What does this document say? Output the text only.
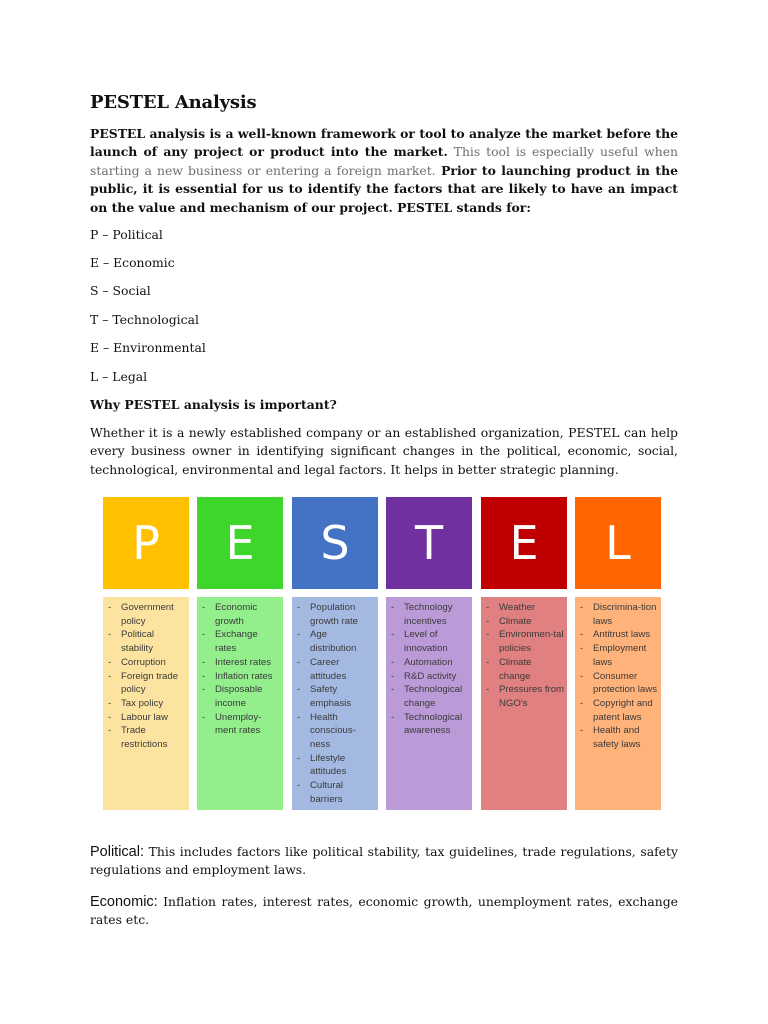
PESTEL Analysis
PESTEL analysis is a well-known framework or tool to analyze the market before the launch of any project or product into the market. This tool is especially useful when starting a new business or entering a foreign market. Prior to launching product in the public, it is essential for us to identify the factors that are likely to have an impact on the value and mechanism of our project. PESTEL stands for:
P – Political
E – Economic
S – Social
T – Technological
E – Environmental
L – Legal
Why PESTEL analysis is important?
Whether it is a newly established company or an established organization, PESTEL can help every business owner in identifying significant changes in the political, economic, social, technological, environmental and legal factors. It helps in better strategic planning.
P
- Government policy
- Political stability
- Corruption
- Foreign trade policy
- Tax policy
- Labour law
- Trade restrictions
E
- Economic growth
- Exchange rates
- Interest rates
- Inflation rates
- Disposable income
- Unemploy-ment rates
S
- Population growth rate
- Age distribution
- Career attitudes
- Safety emphasis
- Health conscious-ness
- Lifestyle attitudes
- Cultural barriers
T
- Technology incentives
- Level of innovation
- Automation
- R&D activity
- Technological change
- Technological awareness
E
- Weather
- Climate
- Environmen-tal policies
- Climate change
- Pressures from NGO's
L
- Discrimina-tion laws
- Antitrust laws
- Employment laws
- Consumer protection laws
- Copyright and patent laws
- Health and safety laws
Political: This includes factors like political stability, tax guidelines, trade regulations, safety regulations and employment laws.
Economic: Inflation rates, interest rates, economic growth, unemployment rates, exchange rates etc.
